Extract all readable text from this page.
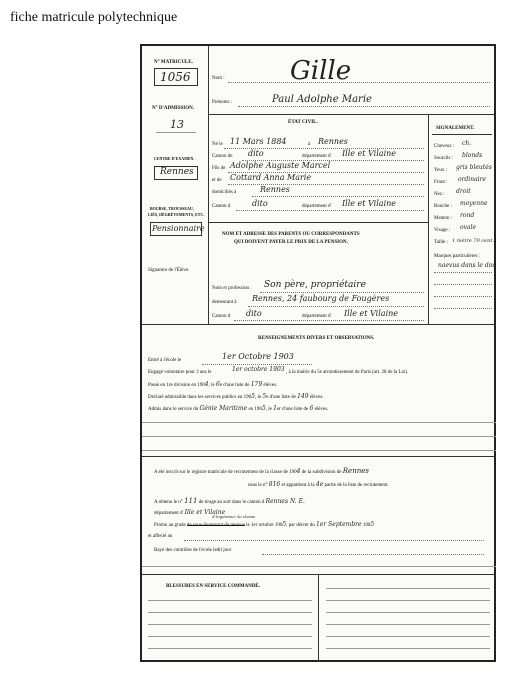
fiche matricule polytechnique
N° MATRICULE.
1056
N° D'ADMISSION.
13
CENTRE D'EXAMEN.
Rennes
BOURSE, TROUSSEAU,
LIÈS, DÉGRÈVEMENTS, ETC.
Pensionnaire
Signature de l'Élève.
Nom :	Gille
Prénoms :	Paul Adolphe Marie
ÉTAT CIVIL.
Né le 11 Mars 1884	à Rennes
Canton de dito	département d' Ille et Vilaine
Fils de Adolphe Auguste Marcel
et de Cottard Anna Marie
domiciliés à	Rennes
Canton d	dito	département d' Ille et Vilaine
SIGNALEMENT.
Cheveux : ch.
Sourcils : blonds
Yeux : gris bleutés
Front : ordinaire
Nez : droit
Bouche : moyenne
Menton : rond
Visage : ovale
Taille : 1 mètre 70 cent.
Marques particulières :
naevus dans le dos
NOM ET ADRESSE DES PARENTS OU CORRESPONDANTS
QUI DOIVENT PAYER LE PRIX DE LA PENSION.
Nom et profession : Son père, propriétaire
demeurant à Rennes, 24 faubourg de Fougères
Canton d dito	département d' Ille et Vilaine
RENSEIGNEMENTS DIVERS ET OBSERVATIONS.
Entré à l'école le	1er Octobre 1903
Engagé volontaire pour 3 ans le	1er octobre 1903 , à la mairie du 5e arrondissement de Paris (art. 28 de la Loi).
Passé en 1re division en 1904, le 6e d'une liste de 179 élèves.
Déclaré admissible dans les services publics en 1905, le 5e d'une liste de 149 élèves.
Admis dans le service du Génie Maritime en 1905, le 1er d'une liste de 6 élèves.
A été inscrit sur le registre matricule de recrutement de la classe de 1904 de la subdivision de Rennes
sous le n° 816 et appartient à la 4e partie de la liste de recrutement.
A obtenu le n° 111 de tirage au sort dans le canton d Rennes N. E.
département d' Ille et Vilaine
d'Ingénieur 3e classe
Promu au grade de sous-lieutenant de réserve le 1er octobre 1905, par décret du 1er Septembre 1905
et affecté au
Rayé des contrôles de l'école ledit jour
BLESSURES EN SERVICE COMMANDÉ.
